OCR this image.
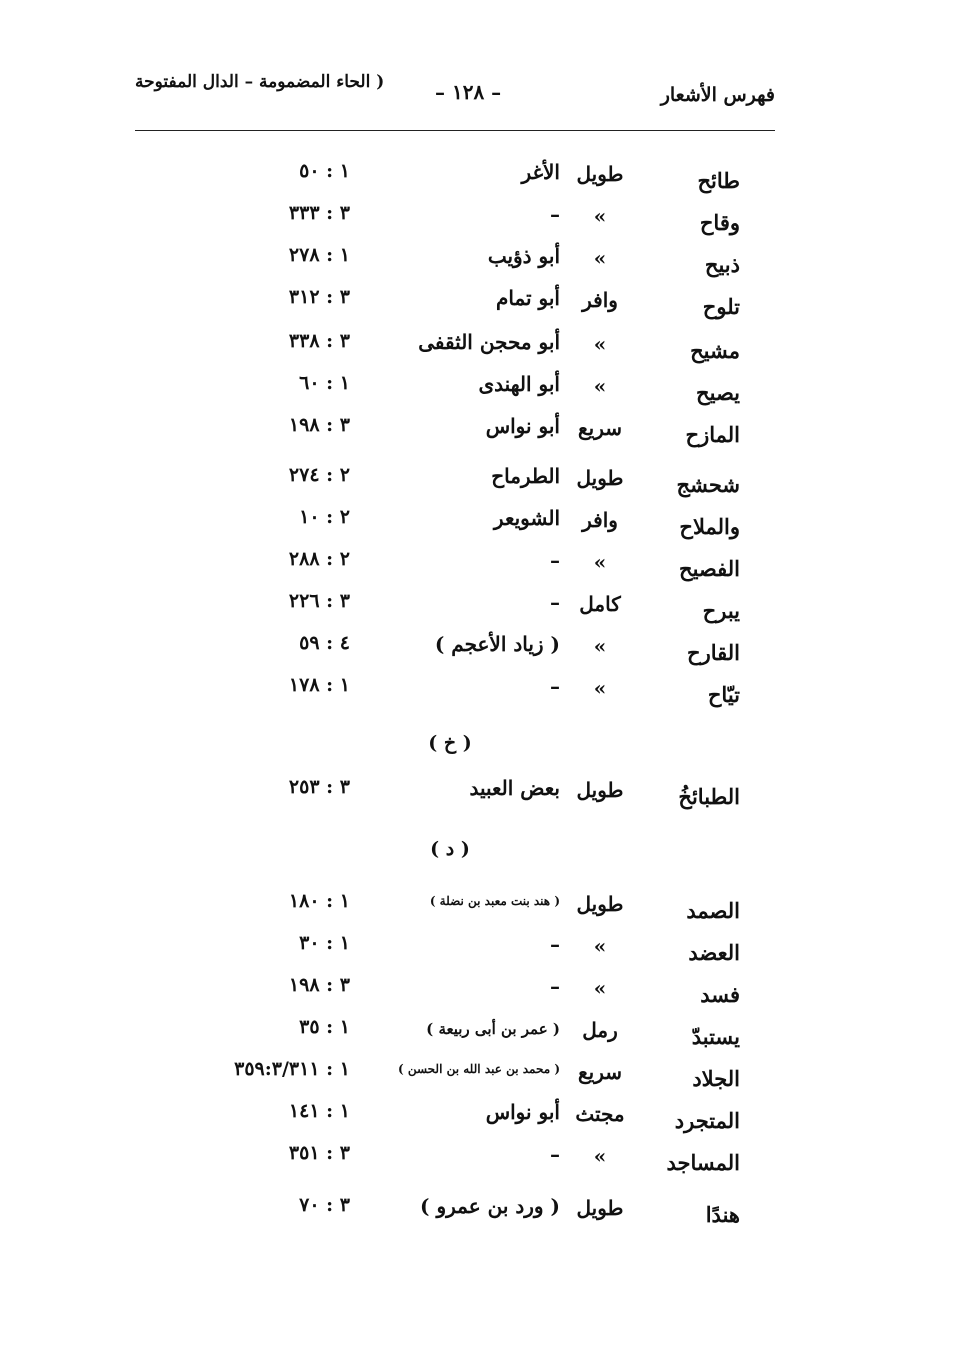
فهرس الأشعار
– ١٢٨ –
( الحاء المضمومة – الدال المفتوحة
طائح
طويل
الأغر
١ : ٥٠
وقاح
»
–
٣ : ٣٣٣
ذبيح
»
أبو ذؤيب
١ : ٢٧٨
تلوح
وافر
أبو تمام
٣ : ٣١٢
مشيح
»
أبو محجن الثقفى
٣ : ٣٣٨
يصيح
»
أبو الهندى
١ : ٦٠
المازح
سريع
أبو نواس
٣ : ١٩٨
شحشج
طويل
الطرماح
٢ : ٢٧٤
والملاح
وافر
الشويعر
٢ : ١٠
الفصيح
»
–
٢ : ٢٨٨
يبرح
كامل
–
٣ : ٢٢٦
القارح
»
( زياد الأعجم )
٤ : ٥٩
تيّاح
»
–
١ : ١٧٨
( خ )
الطبائخُ
طويل
بعض العبيد
٣ : ٢٥٣
( د )
الصمد
طويل
( هند بنت معبد بن نضلة )
١ : ١٨٠
العضد
»
–
١ : ٣٠
فسد
»
–
٣ : ١٩٨
يستبدّ
رمل
( عمر بن أبى ربيعة )
١ : ٣٥
الجلاد
سريع
( محمد بن عبد الله بن الحسن )
١ : ٣٥٩:٣/٣١١
المتجرد
مجتث
أبو نواس
١ : ١٤١
المساجد
»
–
٣ : ٣٥١
هندًا
طويل
( ورد بن عمرو )
٣ : ٧٠
